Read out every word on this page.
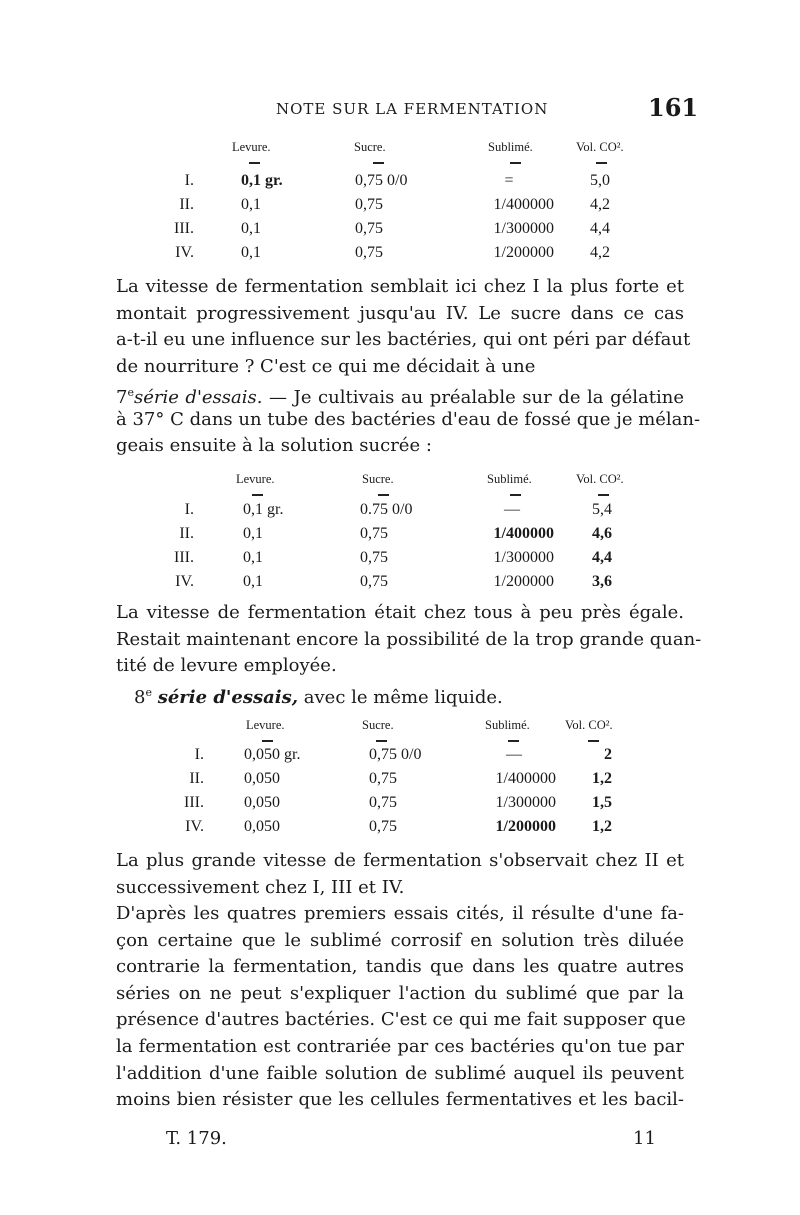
NOTE SUR LA FERMENTATION	161
Levure.	Sucre.	Sublimé.	Vol. CO².
I.	0,1 gr.	0,75 0/0	=	5,0
II.	0,1	0,75	1/400000	4,2
III.	0,1	0,75	1/300000	4,4
IV.	0,1	0,75	1/200000	4,2
La vitesse de fermentation semblait ici chez I la plus forte et
montait progressivement jusqu'au IV. Le sucre dans ce cas
a-t-il eu une influence sur les bactéries, qui ont péri par défaut
de nourriture ? C'est ce qui me décidait à une
7esérie d'essais. — Je cultivais au préalable sur de la gélatine
à 37° C dans un tube des bactéries d'eau de fossé que je mélan-
geais ensuite à la solution sucrée :
Levure.	Sucre.	Sublimé.	Vol. CO².
I.	0,1 gr.	0.75 0/0	—	5,4
II.	0,1	0,75	1/400000	4,6
III.	0,1	0,75	1/300000	4,4
IV.	0,1	0,75	1/200000	3,6
La vitesse de fermentation était chez tous à peu près égale.
Restait maintenant encore la possibilité de la trop grande quan-
tité de levure employée.
8e série d'essais, avec le même liquide.
Levure.	Sucre.	Sublimé.	Vol. CO².
I.	0,050 gr.	0,75 0/0	—	2
II.	0,050	0,75	1/400000	1,2
III.	0,050	0,75	1/300000	1,5
IV.	0,050	0,75	1/200000	1,2
La plus grande vitesse de fermentation s'observait chez II et
successivement chez I, III et IV.
D'après les quatres premiers essais cités, il résulte d'une fa-
çon certaine que le sublimé corrosif en solution très diluée
contrarie la fermentation, tandis que dans les quatre autres
séries on ne peut s'expliquer l'action du sublimé que par la
présence d'autres bactéries. C'est ce qui me fait supposer que
la fermentation est contrariée par ces bactéries qu'on tue par
l'addition d'une faible solution de sublimé auquel ils peuvent
moins bien résister que les cellules fermentatives et les bacil-
T. 179.	11
